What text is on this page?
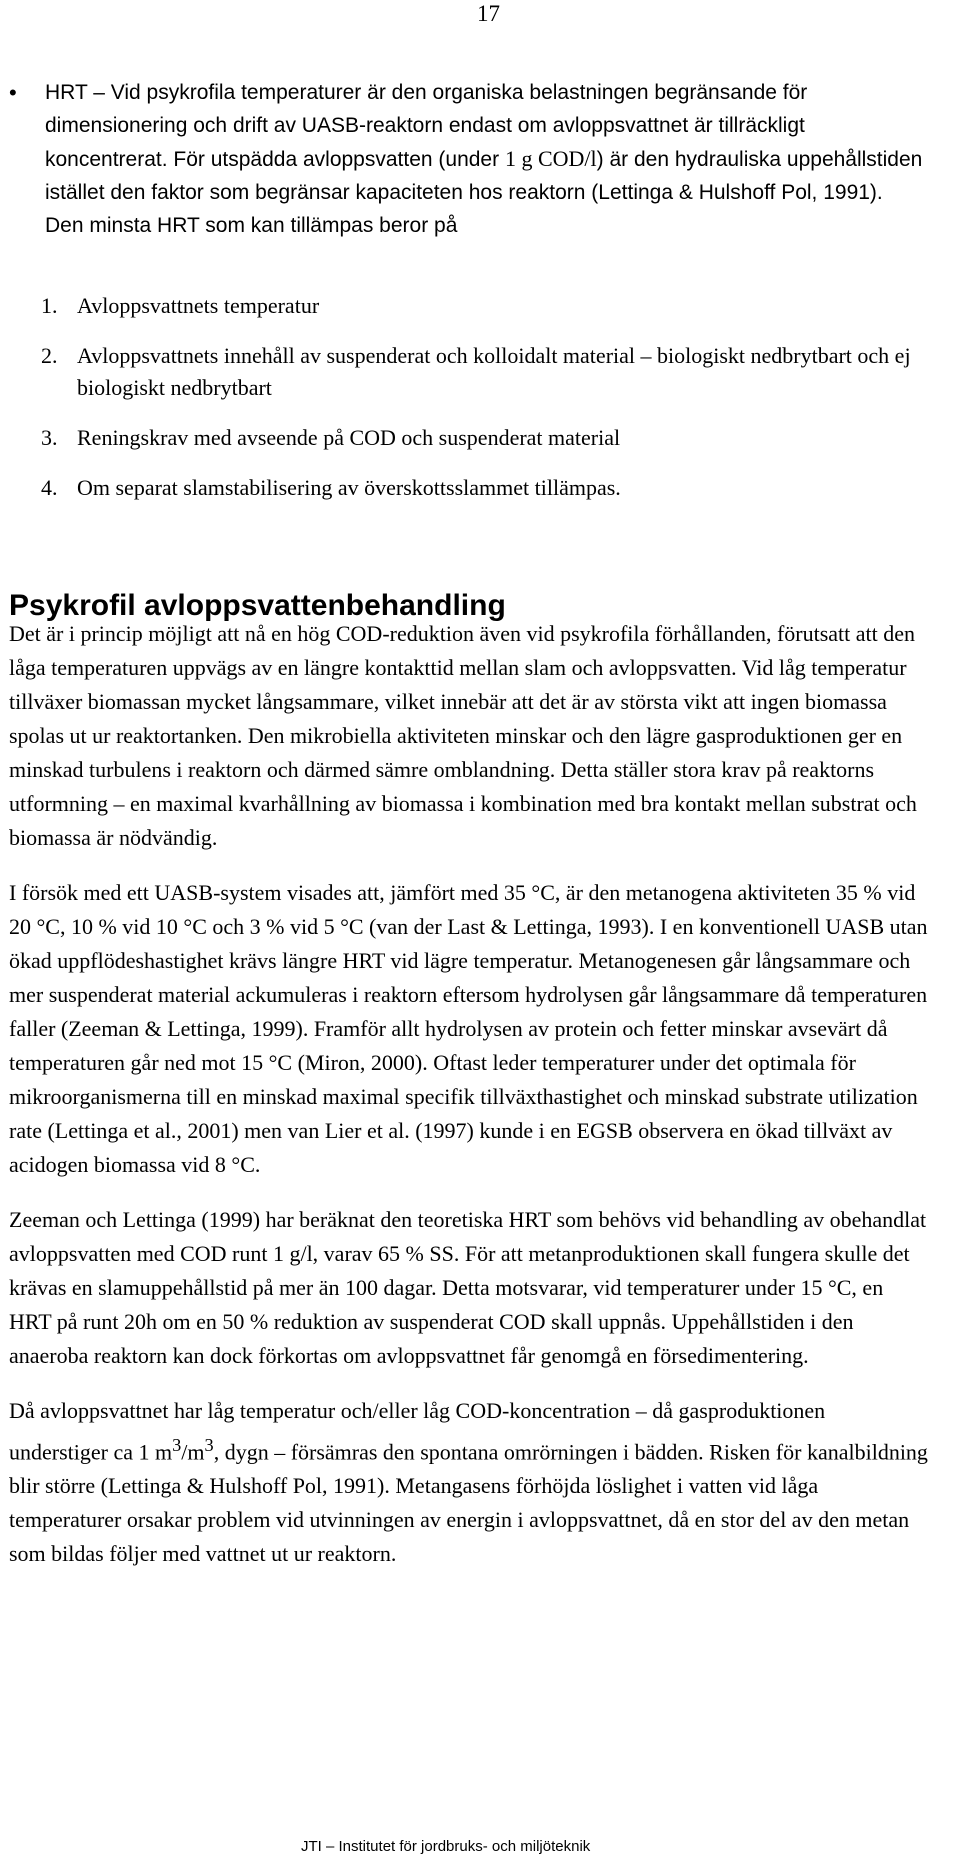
17
•	HRT – Vid psykrofila temperaturer är den organiska belastningen begränsande för dimensionering och drift av UASB-reaktorn endast om avloppsvattnet är tillräckligt koncentrerat. För utspädda avloppsvatten (under 1 g COD/l) är den hydrauliska uppehållstiden istället den faktor som begränsar kapaciteten hos reaktorn (Lettinga & Hulshoff Pol, 1991). Den minsta HRT som kan tillämpas beror på
1. Avloppsvattnets temperatur
2. Avloppsvattnets innehåll av suspenderat och kolloidalt material – biologiskt nedbrytbart och ej biologiskt nedbrytbart
3. Reningskrav med avseende på COD och suspenderat material
4. Om separat slamstabilisering av överskottsslammet tillämpas.
Psykrofil avloppsvattenbehandling

Det är i princip möjligt att nå en hög COD-reduktion även vid psykrofila förhållanden, förutsatt att den låga temperaturen uppvägs av en längre kontakttid mellan slam och avloppsvatten. Vid låg temperatur tillväxer biomassan mycket långsammare, vilket innebär att det är av största vikt att ingen biomassa spolas ut ur reaktortanken. Den mikrobiella aktiviteten minskar och den lägre gasproduktionen ger en minskad turbulens i reaktorn och därmed sämre omblandning. Detta ställer stora krav på reaktorns utformning – en maximal kvarhållning av biomassa i kombination med bra kontakt mellan substrat och biomassa är nödvändig.

I försök med ett UASB-system visades att, jämfört med 35 °C, är den metanogena aktiviteten 35 % vid 20 °C, 10 % vid 10 °C och 3 % vid 5 °C (van der Last & Lettinga, 1993). I en konventionell UASB utan ökad uppflödeshastighet krävs längre HRT vid lägre temperatur. Metanogenesen går långsammare och mer suspenderat material ackumuleras i reaktorn eftersom hydrolysen går långsammare då temperaturen faller (Zeeman & Lettinga, 1999). Framför allt hydrolysen av protein och fetter minskar avsevärt då temperaturen går ned mot 15 °C (Miron, 2000). Oftast leder temperaturer under det optimala för mikroorganismerna till en minskad maximal specifik tillväxthastighet och minskad substrate utilization rate (Lettinga et al., 2001) men van Lier et al. (1997) kunde i en EGSB observera en ökad tillväxt av acidogen biomassa vid 8 °C.

Zeeman och Lettinga (1999) har beräknat den teoretiska HRT som behövs vid behandling av obehandlat avloppsvatten med COD runt 1 g/l, varav 65 % SS. För att metanproduktionen skall fungera skulle det krävas en slamuppehållstid på mer än 100 dagar. Detta motsvarar, vid temperaturer under 15 °C, en HRT på runt 20h om en 50 % reduktion av suspenderat COD skall uppnås. Uppehållstiden i den anaeroba reaktorn kan dock förkortas om avloppsvattnet får genomgå en försedimentering.

Då avloppsvattnet har låg temperatur och/eller låg COD-koncentration – då gasproduktionen understiger ca 1 $m^3/m^3$, dygn – försämras den spontana omrörningen i bädden. Risken för kanalbildning blir större (Lettinga & Hulshoff Pol, 1991). Metangasens förhöjda löslighet i vatten vid låga temperaturer orsakar problem vid utvinningen av energin i avloppsvattnet, då en stor del av den metan som bildas följer med vattnet ut ur reaktorn.

JTI – Institutet för jordbruks- och miljöteknik
